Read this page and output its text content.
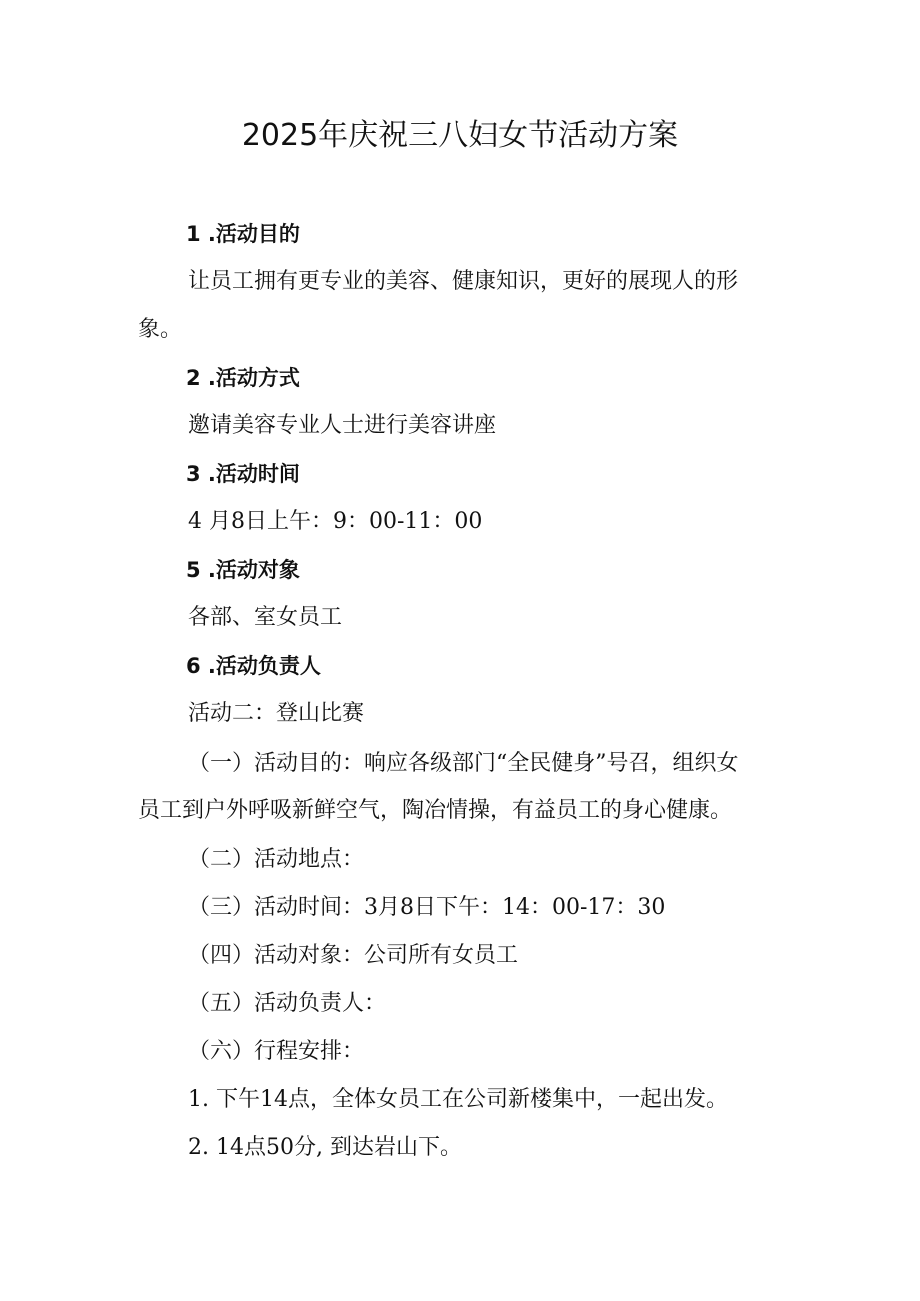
2025年庆祝三八妇女节活动方案

1 .活动目的

让员工拥有更专业的美容、健康知识，更好的展现人的形

象。

2 .活动方式

邀请美容专业人士进行美容讲座

3 .活动时间

4 月8日上午：9：00-11：00

5 .活动对象

各部、室女员工

6 .活动负责人

活动二：登山比赛

（一）活动目的：响应各级部门“全民健身”号召，组织女

员工到户外呼吸新鲜空气，陶冶情操，有益员工的身心健康。

（二）活动地点：

（三）活动时间：3月8日下午：14：00-17：30

（四）活动对象：公司所有女员工

（五）活动负责人：

（六）行程安排：

1. 下午14点，全体女员工在公司新楼集中，一起出发。

2. 14点50分, 到达岩山下。
